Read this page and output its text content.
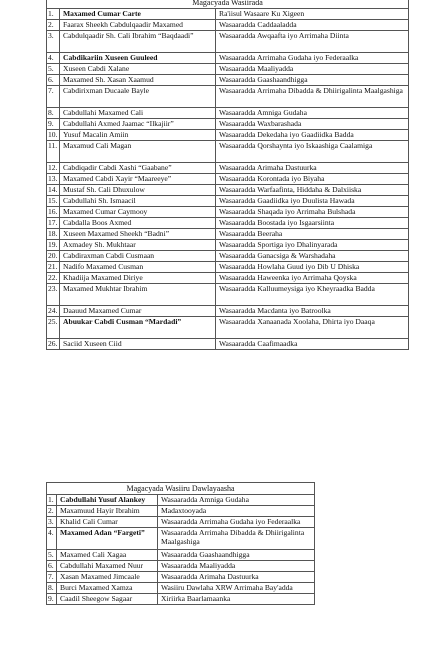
Magacyada Wasiirada		
1.	Maxamed Cumar Carte	Ra'iisul Wasaare Ku Xigeen
2.	Faarax Sheekh Cabdulqaadir Maxamed	Wasaaradda Caddaaladda
3.	Cabdulqaadir Sh. Cali Ibrahim “Baqdaadi”	Wasaaradda Awqaafta iyo Arrimaha Diinta
4.	Cabdikariin Xuseen Guuleed	Wasaaradda Arrimaha Gudaha iyo Federaalka
5.	Xuseen Cabdi Xalane	Wasaaradda Maaliyadda
6.	Maxamed Sh. Xasan Xaamud	Wasaaradda Gaashaandhigga
7.	Cabdirixman Ducaale Bayle	Wasaaradda Arrimaha Dibadda & Dhiirigalinta Maalgashiga
8.	Cabdullahi Maxamed Cali	Wasaaradda Amniga Gudaha
9.	Cabdullahi Axmed Jaamac “Ilkajiir”	Wasaaradda Waxbarashada
10.	Yusuf Macalin Amiin	Wasaaradda Dekedaha iyo Gaadiidka Badda
11.	Maxamud Cali Magan	Wasaaradda Qorshaynta iyo Iskaashiga Caalamiga
12.	Cabdiqadir Cabdi Xashi “Gaabane”	Wasaaradda Arimaha Dastuurka
13.	Maxamed Cabdi Xayir “Maareeye”	Wasaaradda Korontada iyo Biyaha
14.	Mustaf Sh. Cali Dhuxulow	Wasaaradda Warfaafinta, Hiddaha & Dalxiiska
15.	Cabdullahi Sh. Ismaacil	Wasaaradda Gaadiidka iyo Duulista Hawada
16.	Maxamed Cumar Caymooy	Wasaaradda Shaqada iyo Arrimaha Bulshada
17.	Cabdalla Boos Axmed	Wasaaradda Boostada iyo Isgaarsiinta
18.	Xuseen Maxamed Sheekh “Badni”	Wasaaradda Beeraha
19.	Axmadey Sh. Mukhtaar	Wasaaradda Sportiga iyo Dhalinyarada
20.	Cabdiraxman Cabdi Cusmaan	Wasaaradda Ganacsiga & Warshadaha
21.	Nadifo Maxamed Cusman	Wasaaradda Howlaha Guud iyo Dib U Dhiska
22.	Khadiija Maxamed Diriye	Wasaaradda Haweenka iyo Arrimaha Qoyska
23.	Maxamed Mukhtar Ibrahim	Wasaaradda Kalluumeysiga iyo Kheyraadka Badda
24.	Daauud Maxamed Cumar	Wasaaradda Macdanta iyo Batroolka
25.	Abuukar Cabdi Cusman “Mardadi”	Wasaaradda Xanaanada Xoolaha, Dhirta iyo Daaqa
26.	Saciid Xuseen Ciid	Wasaaradda Caafimaadka
Magacyada Wasiiru Dawlayaasha		
1.	Cabdullahi Yusuf Alankey	Wasaaradda Amniga Gudaha
2.	Maxamuud Hayir Ibrahim	Madaxtooyada
3.	Khalid Cali Cumar	Wasaaradda Arrimaha Gudaha iyo Federaalka
4.	Maxamed Adan “Fargeti”	Wasaaradda Arrimaha Dibadda & Dhiirigalinta Maalgashiga
5.	Maxamed Cali Xagaa	Wasaaradda Gaashaandhigga
6.	Cabdullahi Maxamed Nuur	Wasaaradda Maaliyadda
7.	Xasan Maxamed Jimcaale	Wasaaradda Arimaha Dastuurka
8.	Burci Maxamed Xamza	Wasiiru Dawlaha XRW Arrimaha Bay'adda
9.	Caadil Sheegow Sagaar	Xiriirka Baarlamaanka
